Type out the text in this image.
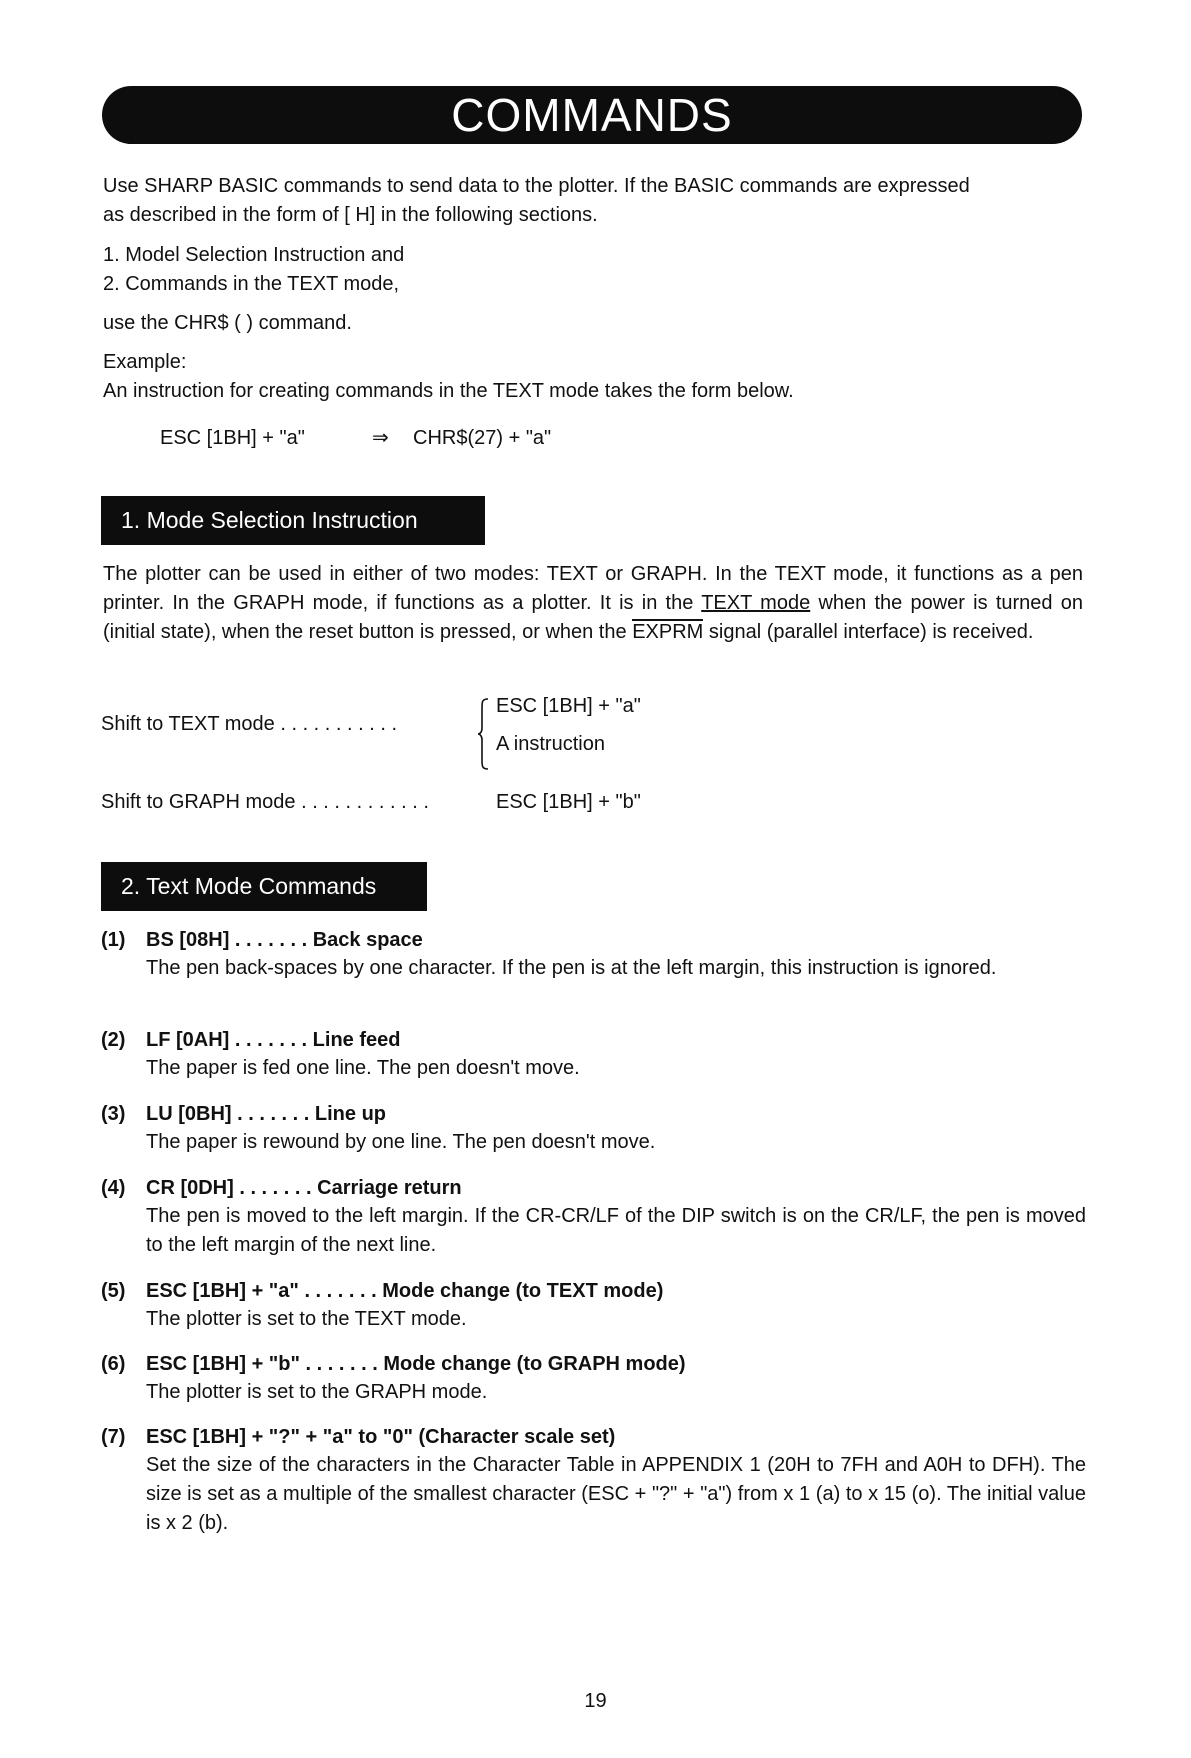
COMMANDS
Use SHARP BASIC commands to send data to the plotter. If the BASIC commands are expressed
as described in the form of [ H] in the following sections.
1. Model Selection Instruction and
2. Commands in the TEXT mode,
use the CHR$ ( ) command.
Example:
An instruction for creating commands in the TEXT mode takes the form below.
ESC [1BH] + "a"	⇒ CHR$(27) + "a"
1. Mode Selection Instruction
The plotter can be used in either of two modes: TEXT or GRAPH. In the TEXT mode, it functions as a pen printer. In the GRAPH mode, if functions as a plotter. It is in the TEXT mode when the power is turned on (initial state), when the reset button is pressed, or when the EXPRM signal (parallel interface) is received.
Shift to TEXT mode . . . . . . . . . . .
ESC [1BH] + "a"
A instruction
Shift to GRAPH mode . . . . . . . . . . . .	ESC [1BH] + "b"
2. Text Mode Commands
(1) BS [08H] . . . . . . . Back space
The pen back-spaces by one character. If the pen is at the left margin, this instruction is ignored.
(2) LF [0AH] . . . . . . . Line feed
The paper is fed one line. The pen doesn't move.
(3) LU [0BH] . . . . . . . Line up
The paper is rewound by one line. The pen doesn't move.
(4) CR [0DH] . . . . . . . Carriage return
The pen is moved to the left margin. If the CR-CR/LF of the DIP switch is on the CR/LF, the pen is moved to the left margin of the next line.
(5) ESC [1BH] + "a" . . . . . . . Mode change (to TEXT mode)
The plotter is set to the TEXT mode.
(6) ESC [1BH] + "b" . . . . . . . Mode change (to GRAPH mode)
The plotter is set to the GRAPH mode.
(7) ESC [1BH] + "?" + "a" to "0" (Character scale set)
Set the size of the characters in the Character Table in APPENDIX 1 (20H to 7FH and A0H to DFH). The size is set as a multiple of the smallest character (ESC + "?" + "a") from x 1 (a) to x 15 (o). The initial value is x 2 (b).
19
